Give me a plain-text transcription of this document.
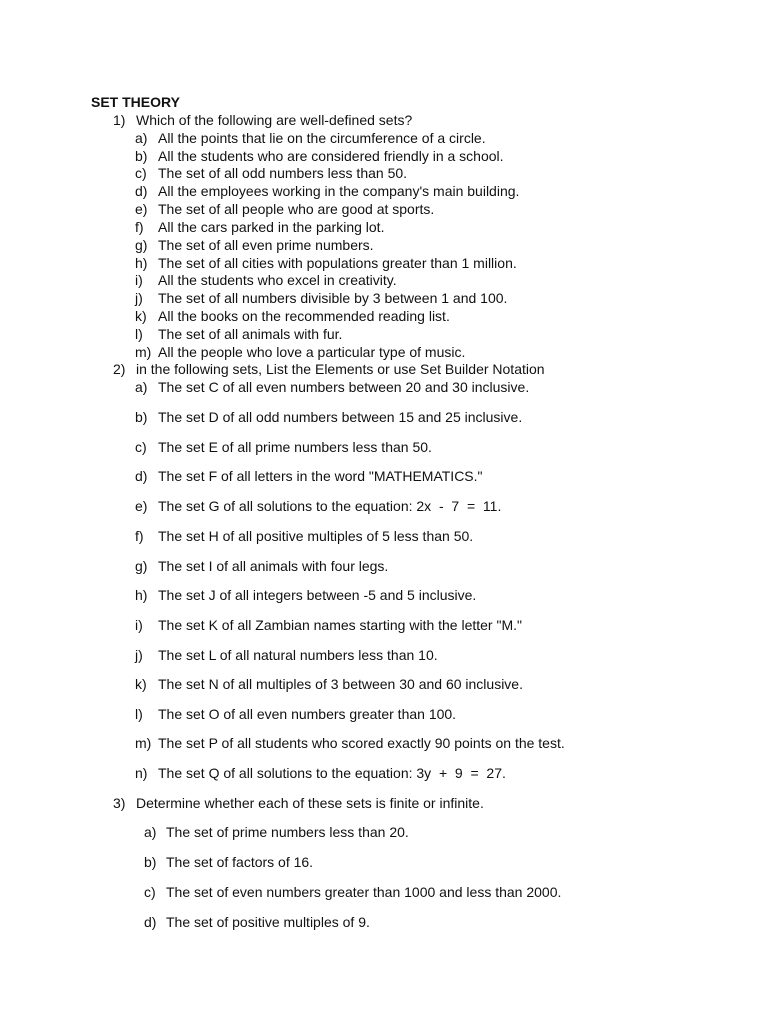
SET THEORY
1) Which of the following are well-defined sets?
a) All the points that lie on the circumference of a circle.
b) All the students who are considered friendly in a school.
c) The set of all odd numbers less than 50.
d) All the employees working in the company's main building.
e) The set of all people who are good at sports.
f) All the cars parked in the parking lot.
g) The set of all even prime numbers.
h) The set of all cities with populations greater than 1 million.
i) All the students who excel in creativity.
j) The set of all numbers divisible by 3 between 1 and 100.
k) All the books on the recommended reading list.
l) The set of all animals with fur.
m) All the people who love a particular type of music.
2) in the following sets, List the Elements or use Set Builder Notation
a) The set C of all even numbers between 20 and 30 inclusive.
b) The set D of all odd numbers between 15 and 25 inclusive.
c) The set E of all prime numbers less than 50.
d) The set F of all letters in the word "MATHEMATICS."
e) The set G of all solutions to the equation: 2x  -  7  =  11.
f) The set H of all positive multiples of 5 less than 50.
g) The set I of all animals with four legs.
h) The set J of all integers between -5 and 5 inclusive.
i) The set K of all Zambian names starting with the letter "M."
j) The set L of all natural numbers less than 10.
k) The set N of all multiples of 3 between 30 and 60 inclusive.
l) The set O of all even numbers greater than 100.
m) The set P of all students who scored exactly 90 points on the test.
n) The set Q of all solutions to the equation: 3y  +  9  =  27.
3) Determine whether each of these sets is finite or infinite.
a) The set of prime numbers less than 20.
b) The set of factors of 16.
c) The set of even numbers greater than 1000 and less than 2000.
d) The set of positive multiples of 9.
